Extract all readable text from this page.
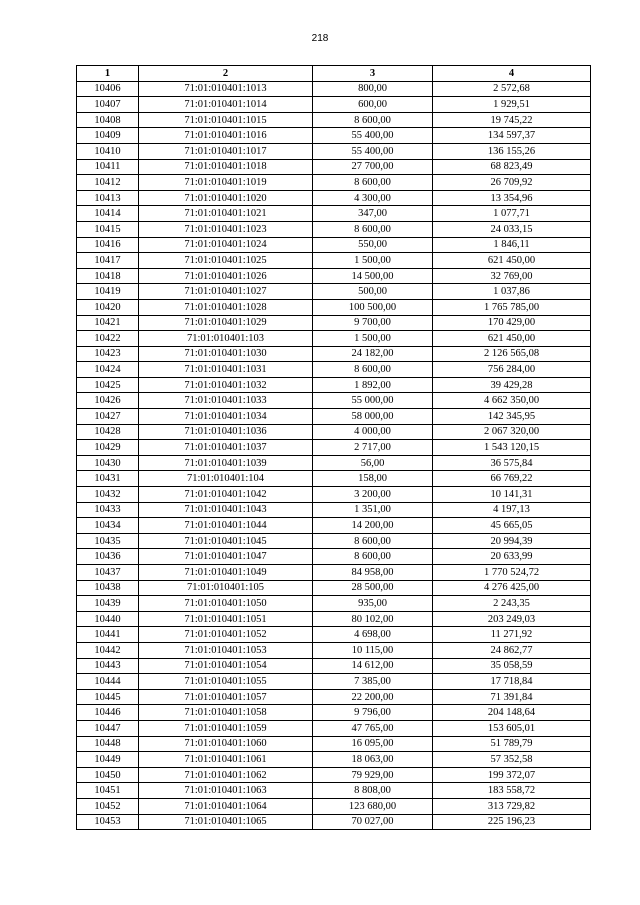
218
1	2	3	4
10406	71:01:010401:1013	800,00	2 572,68
10407	71:01:010401:1014	600,00	1 929,51
10408	71:01:010401:1015	8 600,00	19 745,22
10409	71:01:010401:1016	55 400,00	134 597,37
10410	71:01:010401:1017	55 400,00	136 155,26
10411	71:01:010401:1018	27 700,00	68 823,49
10412	71:01:010401:1019	8 600,00	26 709,92
10413	71:01:010401:1020	4 300,00	13 354,96
10414	71:01:010401:1021	347,00	1 077,71
10415	71:01:010401:1023	8 600,00	24 033,15
10416	71:01:010401:1024	550,00	1 846,11
10417	71:01:010401:1025	1 500,00	621 450,00
10418	71:01:010401:1026	14 500,00	32 769,00
10419	71:01:010401:1027	500,00	1 037,86
10420	71:01:010401:1028	100 500,00	1 765 785,00
10421	71:01:010401:1029	9 700,00	170 429,00
10422	71:01:010401:103	1 500,00	621 450,00
10423	71:01:010401:1030	24 182,00	2 126 565,08
10424	71:01:010401:1031	8 600,00	756 284,00
10425	71:01:010401:1032	1 892,00	39 429,28
10426	71:01:010401:1033	55 000,00	4 662 350,00
10427	71:01:010401:1034	58 000,00	142 345,95
10428	71:01:010401:1036	4 000,00	2 067 320,00
10429	71:01:010401:1037	2 717,00	1 543 120,15
10430	71:01:010401:1039	56,00	36 575,84
10431	71:01:010401:104	158,00	66 769,22
10432	71:01:010401:1042	3 200,00	10 141,31
10433	71:01:010401:1043	1 351,00	4 197,13
10434	71:01:010401:1044	14 200,00	45 665,05
10435	71:01:010401:1045	8 600,00	20 994,39
10436	71:01:010401:1047	8 600,00	20 633,99
10437	71:01:010401:1049	84 958,00	1 770 524,72
10438	71:01:010401:105	28 500,00	4 276 425,00
10439	71:01:010401:1050	935,00	2 243,35
10440	71:01:010401:1051	80 102,00	203 249,03
10441	71:01:010401:1052	4 698,00	11 271,92
10442	71:01:010401:1053	10 115,00	24 862,77
10443	71:01:010401:1054	14 612,00	35 058,59
10444	71:01:010401:1055	7 385,00	17 718,84
10445	71:01:010401:1057	22 200,00	71 391,84
10446	71:01:010401:1058	9 796,00	204 148,64
10447	71:01:010401:1059	47 765,00	153 605,01
10448	71:01:010401:1060	16 095,00	51 789,79
10449	71:01:010401:1061	18 063,00	57 352,58
10450	71:01:010401:1062	79 929,00	199 372,07
10451	71:01:010401:1063	8 808,00	183 558,72
10452	71:01:010401:1064	123 680,00	313 729,82
10453	71:01:010401:1065	70 027,00	225 196,23
